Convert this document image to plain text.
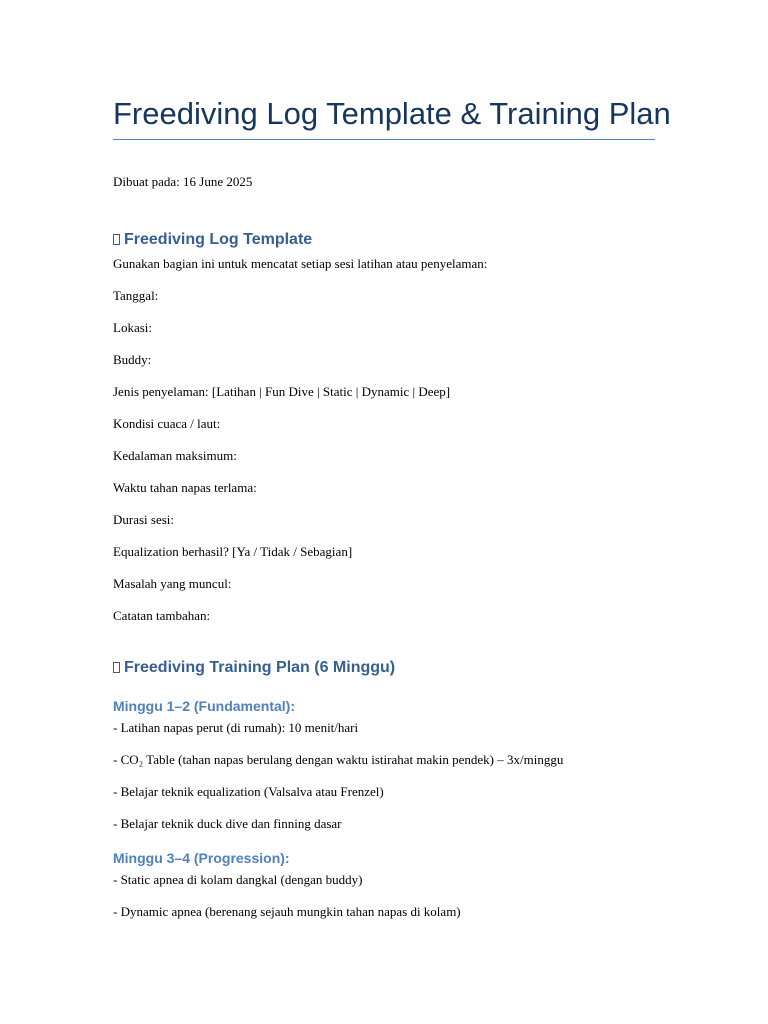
Freediving Log Template & Training Plan

Dibuat pada: 16 June 2025

Freediving Log Template

Gunakan bagian ini untuk mencatat setiap sesi latihan atau penyelaman:

Tanggal:

Lokasi:

Buddy:

Jenis penyelaman: [Latihan | Fun Dive | Static | Dynamic | Deep]

Kondisi cuaca / laut:

Kedalaman maksimum:

Waktu tahan napas terlama:

Durasi sesi:

Equalization berhasil? [Ya / Tidak / Sebagian]

Masalah yang muncul:

Catatan tambahan:

Freediving Training Plan (6 Minggu)
Minggu 1–2 (Fundamental):

- Latihan napas perut (di rumah): 10 menit/hari

- CO₂ Table (tahan napas berulang dengan waktu istirahat makin pendek) – 3x/minggu

- Belajar teknik equalization (Valsalva atau Frenzel)

- Belajar teknik duck dive dan finning dasar

Minggu 3–4 (Progression):

- Static apnea di kolam dangkal (dengan buddy)

- Dynamic apnea (berenang sejauh mungkin tahan napas di kolam)
